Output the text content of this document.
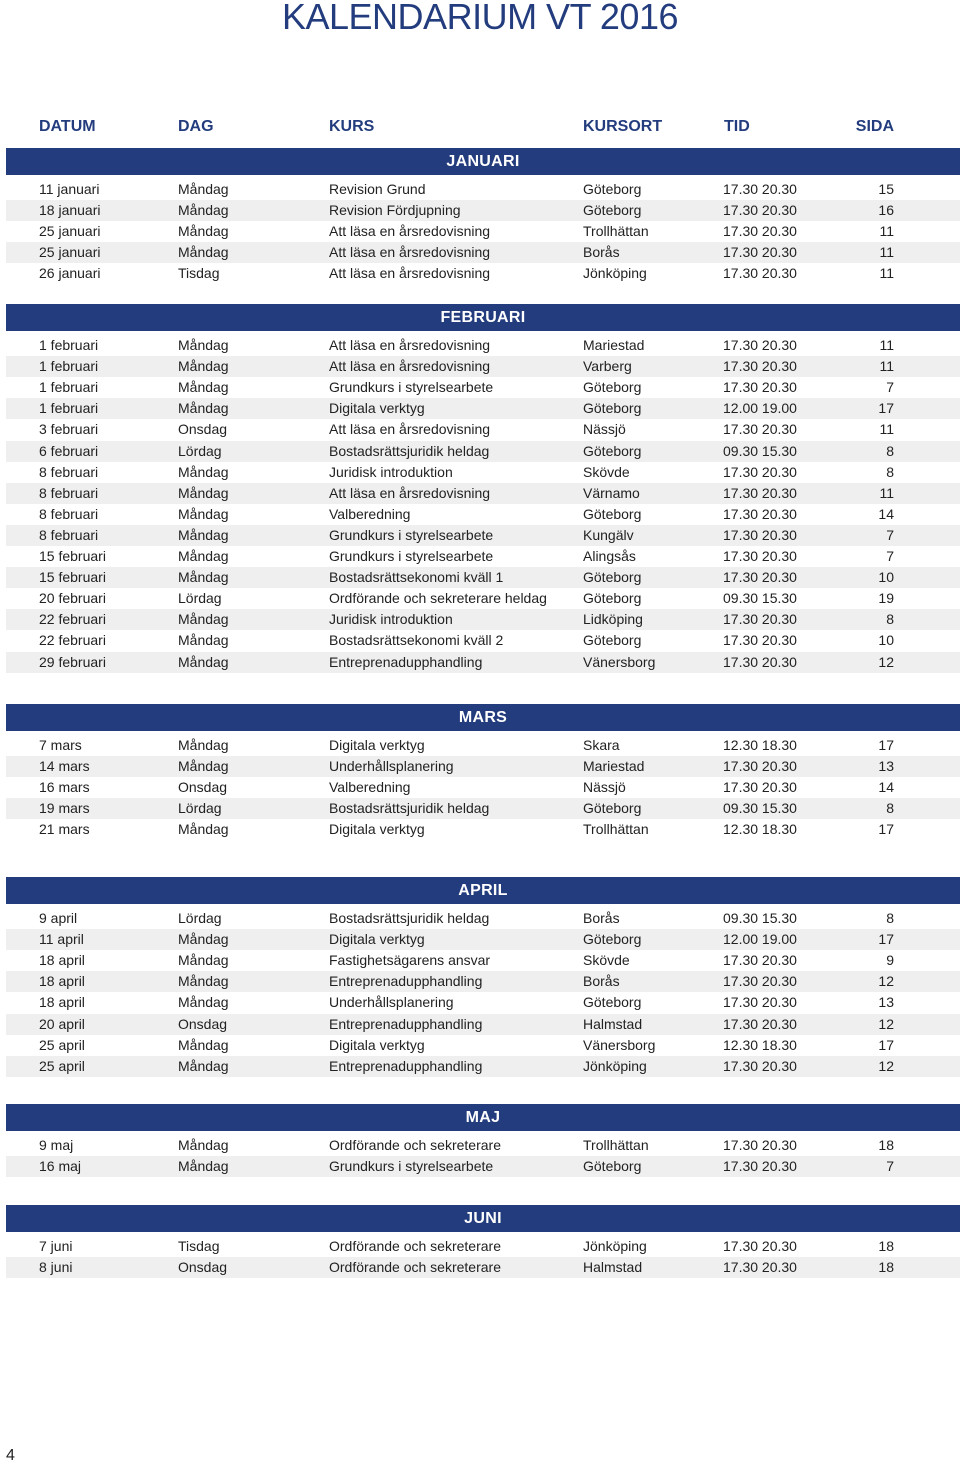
KALENDARIUM VT 2016
DATUM	DAG	KURS	KURSORT	TID	SIDA
JANUARI
11 januari	Måndag	Revision Grund	Göteborg	17.30 20.30	15
18 januari	Måndag	Revision Fördjupning	Göteborg	17.30 20.30	16
25 januari	Måndag	Att läsa en årsredovisning	Trollhättan	17.30 20.30	11
25 januari	Måndag	Att läsa en årsredovisning	Borås	17.30 20.30	11
26 januari	Tisdag	Att läsa en årsredovisning	Jönköping	17.30 20.30	11
FEBRUARI
1 februari	Måndag	Att läsa en årsredovisning	Mariestad	17.30 20.30	11
1 februari	Måndag	Att läsa en årsredovisning	Varberg	17.30 20.30	11
1 februari	Måndag	Grundkurs i styrelsearbete	Göteborg	17.30 20.30	7
1 februari	Måndag	Digitala verktyg	Göteborg	12.00 19.00	17
3 februari	Onsdag	Att läsa en årsredovisning	Nässjö	17.30 20.30	11
6 februari	Lördag	Bostadsrättsjuridik heldag	Göteborg	09.30 15.30	8
8 februari	Måndag	Juridisk introduktion	Skövde	17.30 20.30	8
8 februari	Måndag	Att läsa en årsredovisning	Värnamo	17.30 20.30	11
8 februari	Måndag	Valberedning	Göteborg	17.30 20.30	14
8 februari	Måndag	Grundkurs i styrelsearbete	Kungälv	17.30 20.30	7
15 februari	Måndag	Grundkurs i styrelsearbete	Alingsås	17.30 20.30	7
15 februari	Måndag	Bostadsrättsekonomi kväll 1	Göteborg	17.30 20.30	10
20 februari	Lördag	Ordförande och sekreterare heldag	Göteborg	09.30 15.30	19
22 februari	Måndag	Juridisk introduktion	Lidköping	17.30 20.30	8
22 februari	Måndag	Bostadsrättsekonomi kväll 2	Göteborg	17.30 20.30	10
29 februari	Måndag	Entreprenadupphandling	Vänersborg	17.30 20.30	12
MARS
7 mars	Måndag	Digitala verktyg	Skara	12.30 18.30	17
14 mars	Måndag	Underhållsplanering	Mariestad	17.30 20.30	13
16 mars	Onsdag	Valberedning	Nässjö	17.30 20.30	14
19 mars	Lördag	Bostadsrättsjuridik heldag	Göteborg	09.30 15.30	8
21 mars	Måndag	Digitala verktyg	Trollhättan	12.30 18.30	17
APRIL
9 april	Lördag	Bostadsrättsjuridik heldag	Borås	09.30 15.30	8
11 april	Måndag	Digitala verktyg	Göteborg	12.00 19.00	17
18 april	Måndag	Fastighetsägarens ansvar	Skövde	17.30 20.30	9
18 april	Måndag	Entreprenadupphandling	Borås	17.30 20.30	12
18 april	Måndag	Underhållsplanering	Göteborg	17.30 20.30	13
20 april	Onsdag	Entreprenadupphandling	Halmstad	17.30 20.30	12
25 april	Måndag	Digitala verktyg	Vänersborg	12.30 18.30	17
25 april	Måndag	Entreprenadupphandling	Jönköping	17.30 20.30	12
MAJ
9 maj	Måndag	Ordförande och sekreterare	Trollhättan	17.30 20.30	18
16 maj	Måndag	Grundkurs i styrelsearbete	Göteborg	17.30 20.30	7
JUNI
7 juni	Tisdag	Ordförande och sekreterare	Jönköping	17.30 20.30	18
8 juni	Onsdag	Ordförande och sekreterare	Halmstad	17.30 20.30	18
4
